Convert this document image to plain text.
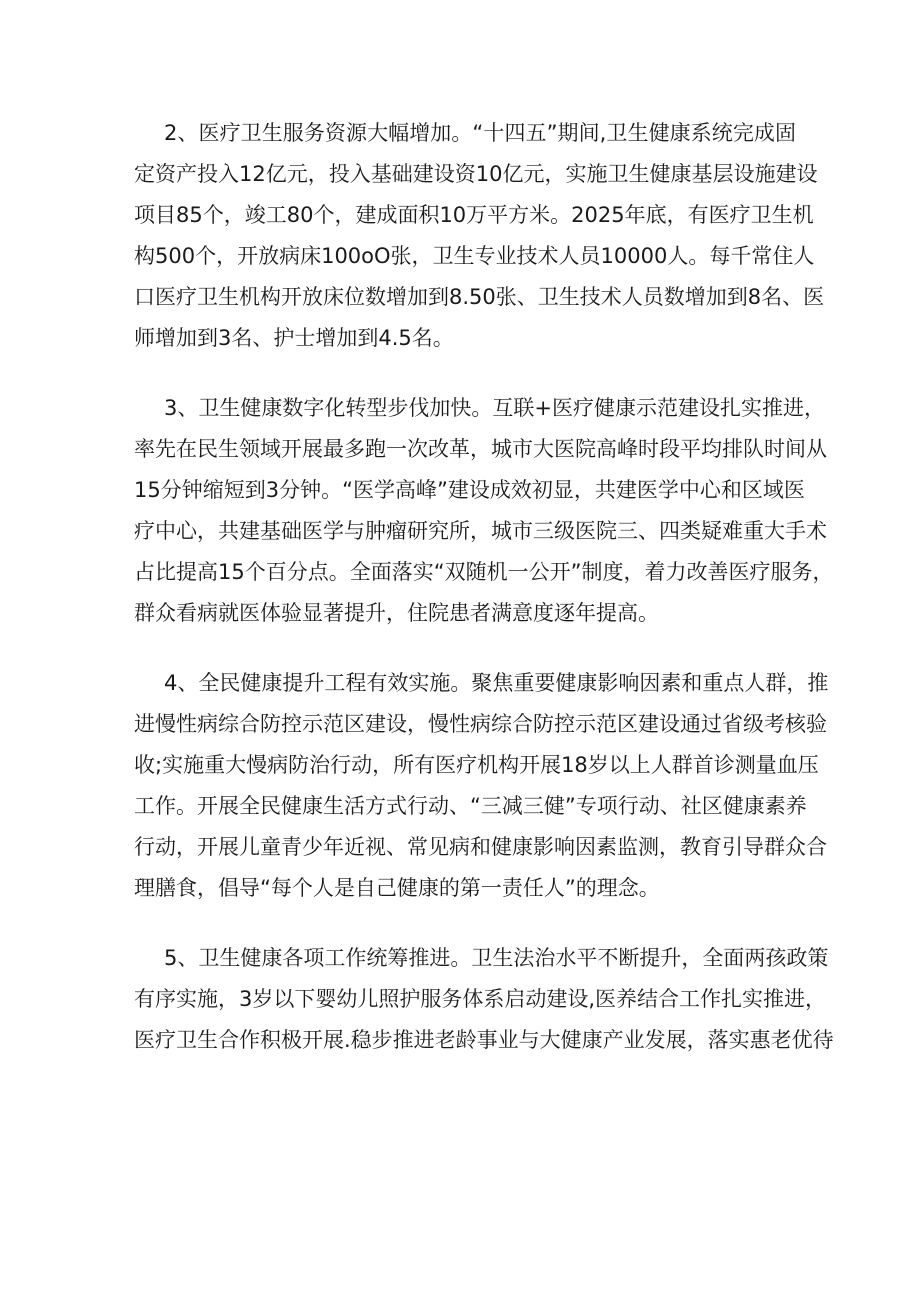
2、医疗卫生服务资源大幅增加。“十四五”期间,卫生健康系统完成固
定资产投入12亿元，投入基础建设资10亿元，实施卫生健康基层设施建设
项目85个，竣工80个，建成面积10万平方米。2025年底，有医疗卫生机
构500个，开放病床100oO张，卫生专业技术人员10000人。每千常住人
口医疗卫生机构开放床位数增加到8.50张、卫生技术人员数增加到8名、医
师增加到3名、护士增加到4.5名。
3、卫生健康数字化转型步伐加快。互联+医疗健康示范建设扎实推进，
率先在民生领域开展最多跑一次改革，城市大医院高峰时段平均排队时间从
15分钟缩短到3分钟。“医学高峰”建设成效初显，共建医学中心和区域医
疗中心，共建基础医学与肿瘤研究所，城市三级医院三、四类疑难重大手术
占比提高15个百分点。全面落实“双随机一公开”制度，着力改善医疗服务，
群众看病就医体验显著提升，住院患者满意度逐年提高。
4、全民健康提升工程有效实施。聚焦重要健康影响因素和重点人群，推
进慢性病综合防控示范区建设，慢性病综合防控示范区建设通过省级考核验
收;实施重大慢病防治行动，所有医疗机构开展18岁以上人群首诊测量血压
工作。开展全民健康生活方式行动、“三减三健”专项行动、社区健康素养
行动，开展儿童青少年近视、常见病和健康影响因素监测，教育引导群众合
理膳食，倡导“每个人是自己健康的第一责任人”的理念。
5、卫生健康各项工作统筹推进。卫生法治水平不断提升，全面两孩政策
有序实施，3岁以下婴幼儿照护服务体系启动建设,医养结合工作扎实推进，
医疗卫生合作积极开展.稳步推进老龄事业与大健康产业发展，落实惠老优待
